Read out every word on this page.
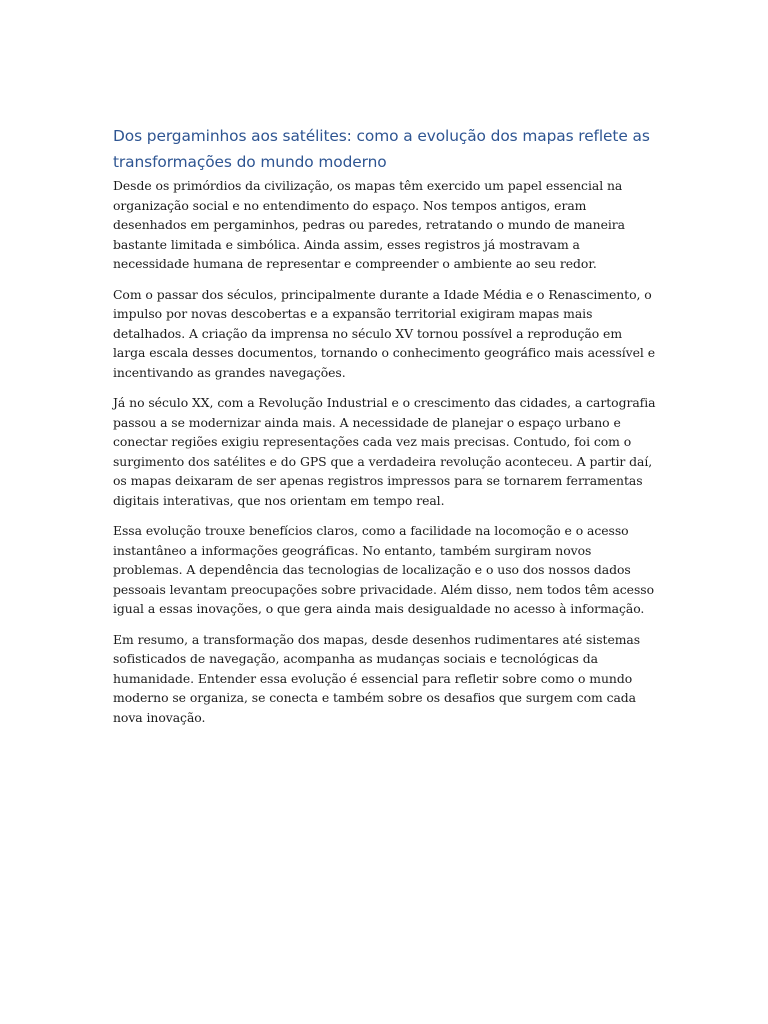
Dos pergaminhos aos satélites: como a evolução dos mapas reflete as transformações do mundo moderno

Desde os primórdios da civilização, os mapas têm exercido um papel essencial na organização social e no entendimento do espaço. Nos tempos antigos, eram desenhados em pergaminhos, pedras ou paredes, retratando o mundo de maneira bastante limitada e simbólica. Ainda assim, esses registros já mostravam a necessidade humana de representar e compreender o ambiente ao seu redor.

Com o passar dos séculos, principalmente durante a Idade Média e o Renascimento, o impulso por novas descobertas e a expansão territorial exigiram mapas mais detalhados. A criação da imprensa no século XV tornou possível a reprodução em larga escala desses documentos, tornando o conhecimento geográfico mais acessível e incentivando as grandes navegações.

Já no século XX, com a Revolução Industrial e o crescimento das cidades, a cartografia passou a se modernizar ainda mais. A necessidade de planejar o espaço urbano e conectar regiões exigiu representações cada vez mais precisas. Contudo, foi com o surgimento dos satélites e do GPS que a verdadeira revolução aconteceu. A partir daí, os mapas deixaram de ser apenas registros impressos para se tornarem ferramentas digitais interativas, que nos orientam em tempo real.

Essa evolução trouxe benefícios claros, como a facilidade na locomoção e o acesso instantâneo a informações geográficas. No entanto, também surgiram novos problemas. A dependência das tecnologias de localização e o uso dos nossos dados pessoais levantam preocupações sobre privacidade. Além disso, nem todos têm acesso igual a essas inovações, o que gera ainda mais desigualdade no acesso à informação.

Em resumo, a transformação dos mapas, desde desenhos rudimentares até sistemas sofisticados de navegação, acompanha as mudanças sociais e tecnológicas da humanidade. Entender essa evolução é essencial para refletir sobre como o mundo moderno se organiza, se conecta e também sobre os desafios que surgem com cada nova inovação.
